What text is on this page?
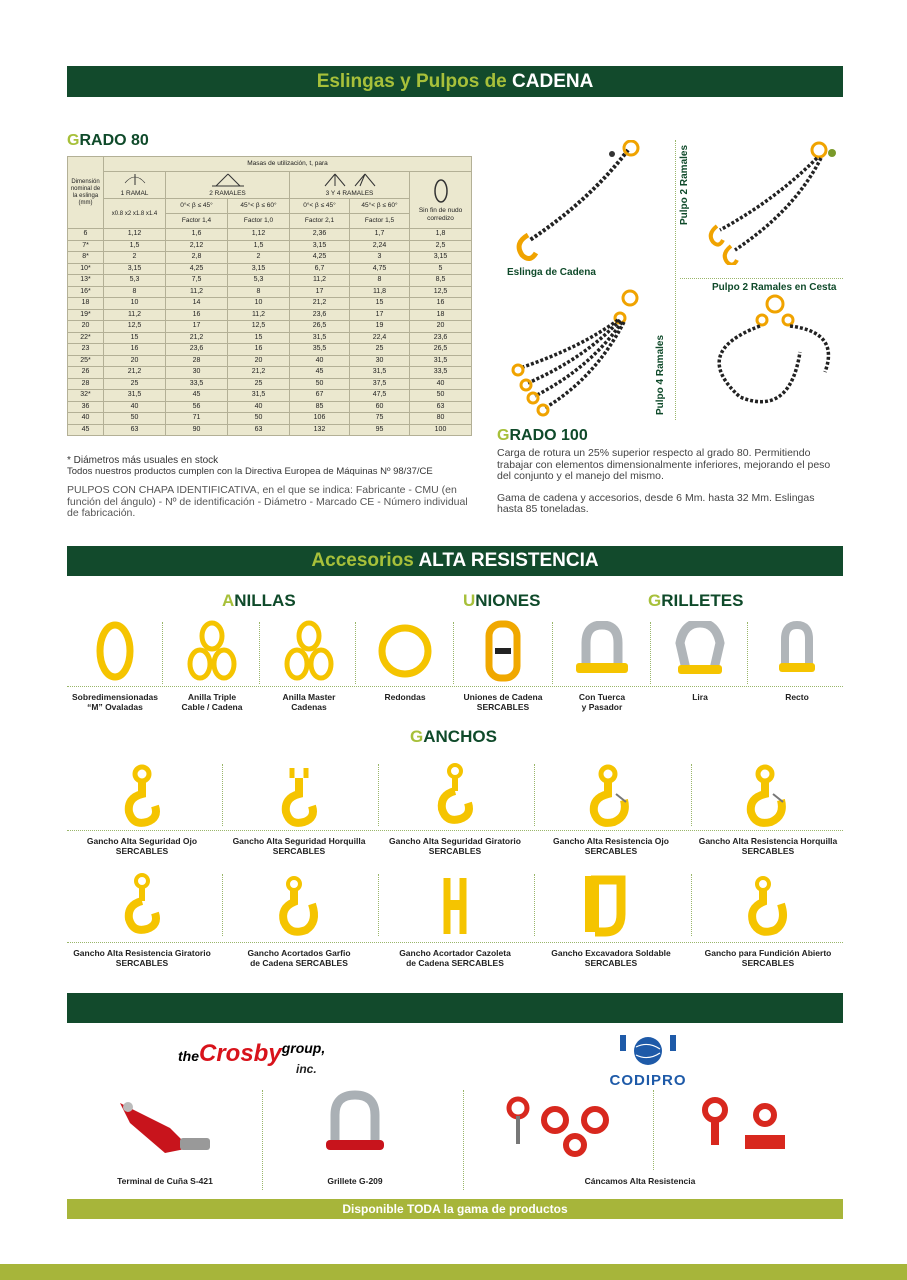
Eslingas y Pulpos de CADENA
GRADO 80
Dimensión nominal de la eslinga (mm)	Masas de utilización, t, para					

1 RAMAL	2 RAMALES		3 Y 4 RAMALES		Sin fin de nudo corredizo
	x0.8 x2 x1.8 x1.4	0°< β ≤ 45°	45°< β ≤ 60°	0°< β ≤ 45°	45°< β ≤ 60°	
		Factor 1,4	Factor 1,0	Factor 2,1	Factor 1,5	
6	1,12	1,6	1,12	2,36	1,7	1,8
7*	1,5	2,12	1,5	3,15	2,24	2,5
8*	2	2,8	2	4,25	3	3,15
10*	3,15	4,25	3,15	6,7	4,75	5
13*	5,3	7,5	5,3	11,2	8	8,5
16*	8	11,2	8	17	11,8	12,5
18	10	14	10	21,2	15	16
19*	11,2	16	11,2	23,6	17	18
20	12,5	17	12,5	26,5	19	20
22*	15	21,2	15	31,5	22,4	23,6
23	16	23,6	16	35,5	25	26,5
25*	20	28	20	40	30	31,5
26	21,2	30	21,2	45	31,5	33,5
28	25	33,5	25	50	37,5	40
32*	31,5	45	31,5	67	47,5	50
36	40	56	40	85	60	63
40	50	71	50	106	75	80
45	63	90	63	132	95	100
* Diámetros más usuales en stock
Todos nuestros productos cumplen con la Directiva Europea de Máquinas Nº 98/37/CE
PULPOS CON CHAPA IDENTIFICATIVA, en el que se indica: Fabricante - CMU (en función del ángulo) - Nº de identificación - Diámetro - Marcado CE - Número individual de fabricación.
Eslinga de Cadena
Pulpo 2 Ramales
Pulpo 2 Ramales en Cesta
Pulpo 4 Ramales
GRADO 100
Carga de rotura un 25% superior respecto al grado 80. Permitiendo trabajar con elementos dimensionalmente inferiores, mejorando el peso del conjunto y el manejo del mismo.
Gama de cadena y accesorios, desde 6 Mm. hasta 32 Mm. Eslingas hasta 85 toneladas.
Accesorios ALTA RESISTENCIA
ANILLAS	UNIONES	GRILLETES
Sobredimensionadas
“M” Ovaladas
Anilla Triple
Cable / Cadena
Anilla Master
Cadenas
Redondas	Uniones de Cadena
SERCABLES
Con Tuerca
y Pasador
Lira	Recto
GANCHOS
Gancho Alta Seguridad Ojo
SERCABLES
Gancho Alta Seguridad Horquilla
SERCABLES
Gancho Alta Seguridad Giratorio
SERCABLES
Gancho Alta Resistencia Ojo
SERCABLES
Gancho Alta Resistencia Horquilla
SERCABLES
Gancho Alta Resistencia Giratorio
SERCABLES
Gancho Acortados Garfio
de Cadena SERCABLES
Gancho Acortador Cazoleta
de Cadena SERCABLES
Gancho Excavadora Soldable
SERCABLES
Gancho para Fundición Abierto
SERCABLES
theCrosbygroup,
inc.
CODIPRO
Terminal de Cuña S-421	Grillete G-209	Cáncamos Alta Resistencia
Disponible TODA la gama de productos
